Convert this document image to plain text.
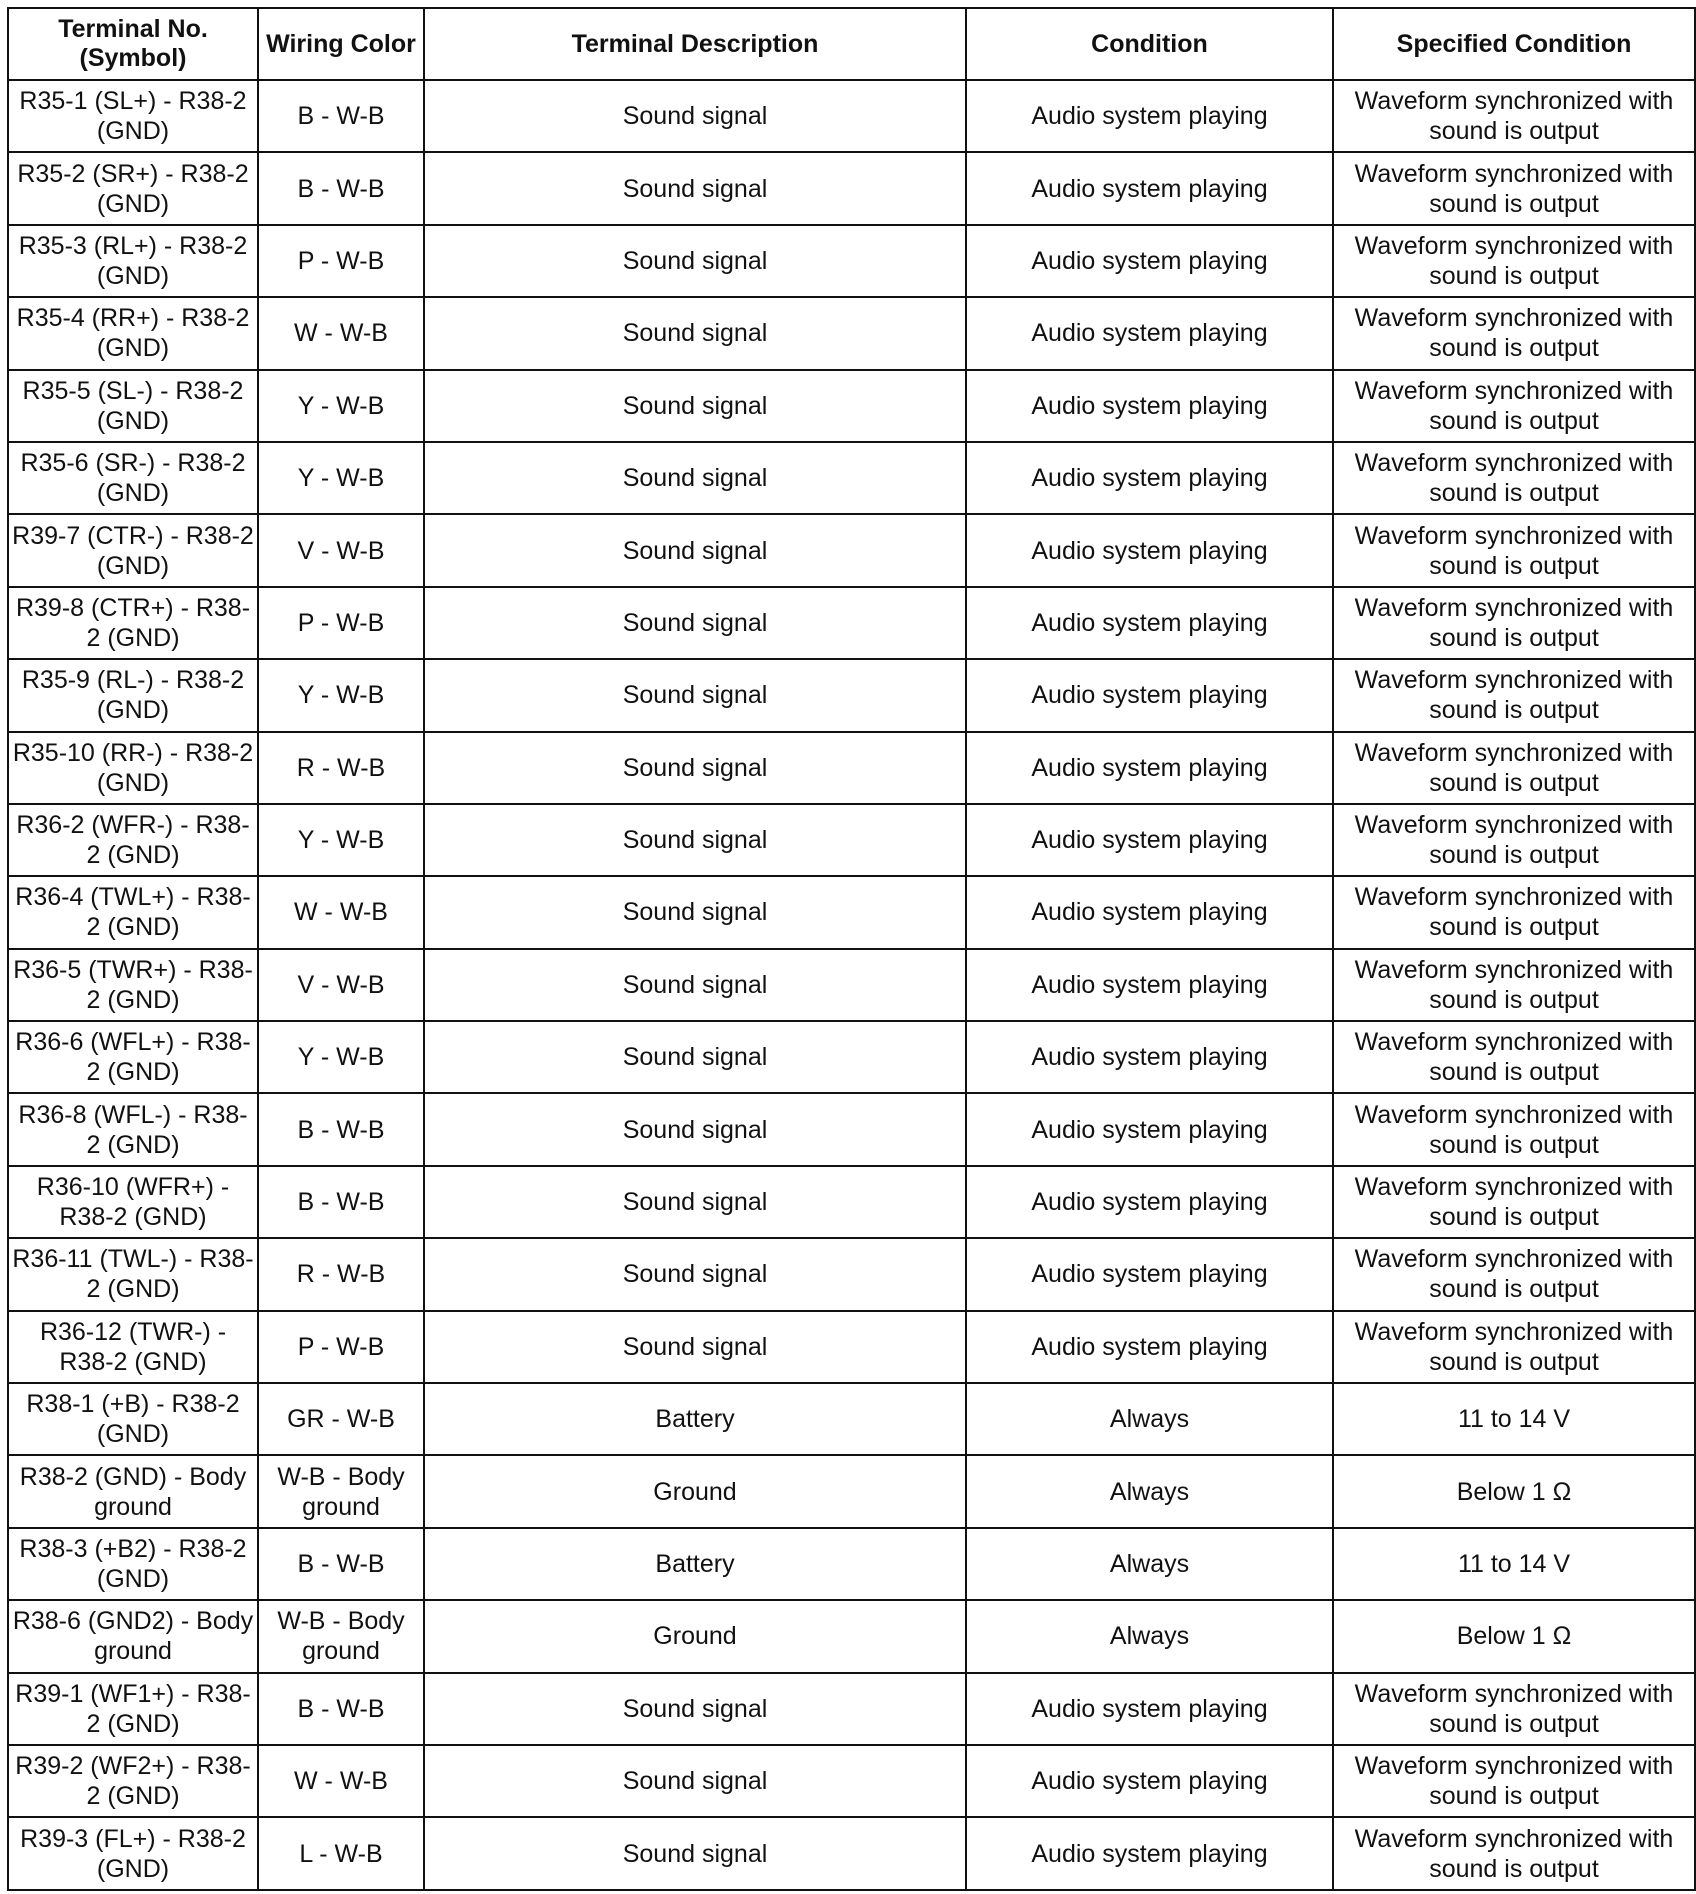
Terminal No. (Symbol)	Wiring Color	Terminal Description	Condition	Specified Condition
R35-1 (SL+) - R38-2 (GND)	B - W-B	Sound signal	Audio system playing	Waveform synchronized with sound is output
R35-2 (SR+) - R38-2 (GND)	B - W-B	Sound signal	Audio system playing	Waveform synchronized with sound is output
R35-3 (RL+) - R38-2 (GND)	P - W-B	Sound signal	Audio system playing	Waveform synchronized with sound is output
R35-4 (RR+) - R38-2 (GND)	W - W-B	Sound signal	Audio system playing	Waveform synchronized with sound is output
R35-5 (SL-) - R38-2 (GND)	Y - W-B	Sound signal	Audio system playing	Waveform synchronized with sound is output
R35-6 (SR-) - R38-2 (GND)	Y - W-B	Sound signal	Audio system playing	Waveform synchronized with sound is output
R39-7 (CTR-) - R38-2 (GND)	V - W-B	Sound signal	Audio system playing	Waveform synchronized with sound is output
R39-8 (CTR+) - R38-2 (GND)	P - W-B	Sound signal	Audio system playing	Waveform synchronized with sound is output
R35-9 (RL-) - R38-2 (GND)	Y - W-B	Sound signal	Audio system playing	Waveform synchronized with sound is output
R35-10 (RR-) - R38-2 (GND)	R - W-B	Sound signal	Audio system playing	Waveform synchronized with sound is output
R36-2 (WFR-) - R38-2 (GND)	Y - W-B	Sound signal	Audio system playing	Waveform synchronized with sound is output
R36-4 (TWL+) - R38-2 (GND)	W - W-B	Sound signal	Audio system playing	Waveform synchronized with sound is output
R36-5 (TWR+) - R38-2 (GND)	V - W-B	Sound signal	Audio system playing	Waveform synchronized with sound is output
R36-6 (WFL+) - R38-2 (GND)	Y - W-B	Sound signal	Audio system playing	Waveform synchronized with sound is output
R36-8 (WFL-) - R38-2 (GND)	B - W-B	Sound signal	Audio system playing	Waveform synchronized with sound is output
R36-10 (WFR+) - R38-2 (GND)	B - W-B	Sound signal	Audio system playing	Waveform synchronized with sound is output
R36-11 (TWL-) - R38-2 (GND)	R - W-B	Sound signal	Audio system playing	Waveform synchronized with sound is output
R36-12 (TWR-) - R38-2 (GND)	P - W-B	Sound signal	Audio system playing	Waveform synchronized with sound is output
R38-1 (+B) - R38-2 (GND)	GR - W-B	Battery	Always	11 to 14 V
R38-2 (GND) - Body ground	W-B - Body ground	Ground	Always	Below 1 Ω
R38-3 (+B2) - R38-2 (GND)	B - W-B	Battery	Always	11 to 14 V
R38-6 (GND2) - Body ground	W-B - Body ground	Ground	Always	Below 1 Ω
R39-1 (WF1+) - R38-2 (GND)	B - W-B	Sound signal	Audio system playing	Waveform synchronized with sound is output
R39-2 (WF2+) - R38-2 (GND)	W - W-B	Sound signal	Audio system playing	Waveform synchronized with sound is output
R39-3 (FL+) - R38-2 (GND)	L - W-B	Sound signal	Audio system playing	Waveform synchronized with sound is output
